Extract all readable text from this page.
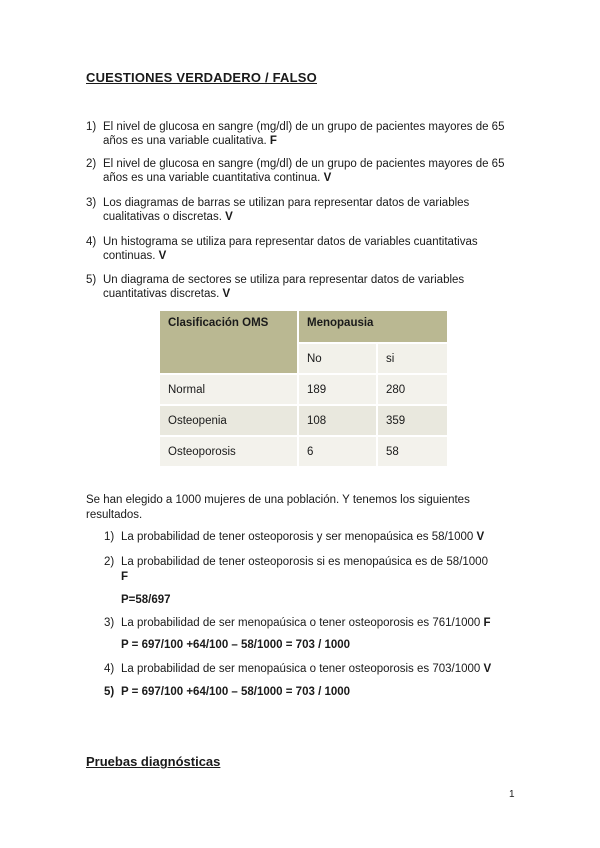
CUESTIONES VERDADERO / FALSO
1) El nivel de glucosa en sangre (mg/dl) de un grupo de pacientes mayores de 65 años es una variable cualitativa. F
2) El nivel de glucosa en sangre (mg/dl) de un grupo de pacientes mayores de 65 años es una variable cuantitativa continua. V
3) Los diagramas de barras se utilizan para representar datos de variables cualitativas o discretas. V
4) Un histograma se utiliza para representar datos de variables cuantitativas continuas. V
5) Un diagrama de sectores se utiliza para representar datos de variables cuantitativas discretas. V
Clasificación OMS	Menopausia	
	No	si
Normal	189	280
Osteopenia	108	359
Osteoporosis	6	58
Se han elegido a 1000 mujeres de una población. Y tenemos los siguientes resultados.
1) La probabilidad de tener osteoporosis y ser menopaúsica es 58/1000 V
2) La probabilidad de tener osteoporosis si es menopaúsica es de 58/1000
F
P=58/697
3) La probabilidad de ser menopaúsica o tener osteoporosis es 761/1000 F
P = 697/100 +64/100 – 58/1000 = 703 / 1000
4) La probabilidad de ser menopaúsica o tener osteoporosis es 703/1000 V
5) P = 697/100 +64/100 – 58/1000 = 703 / 1000
Pruebas diagnósticas
1
